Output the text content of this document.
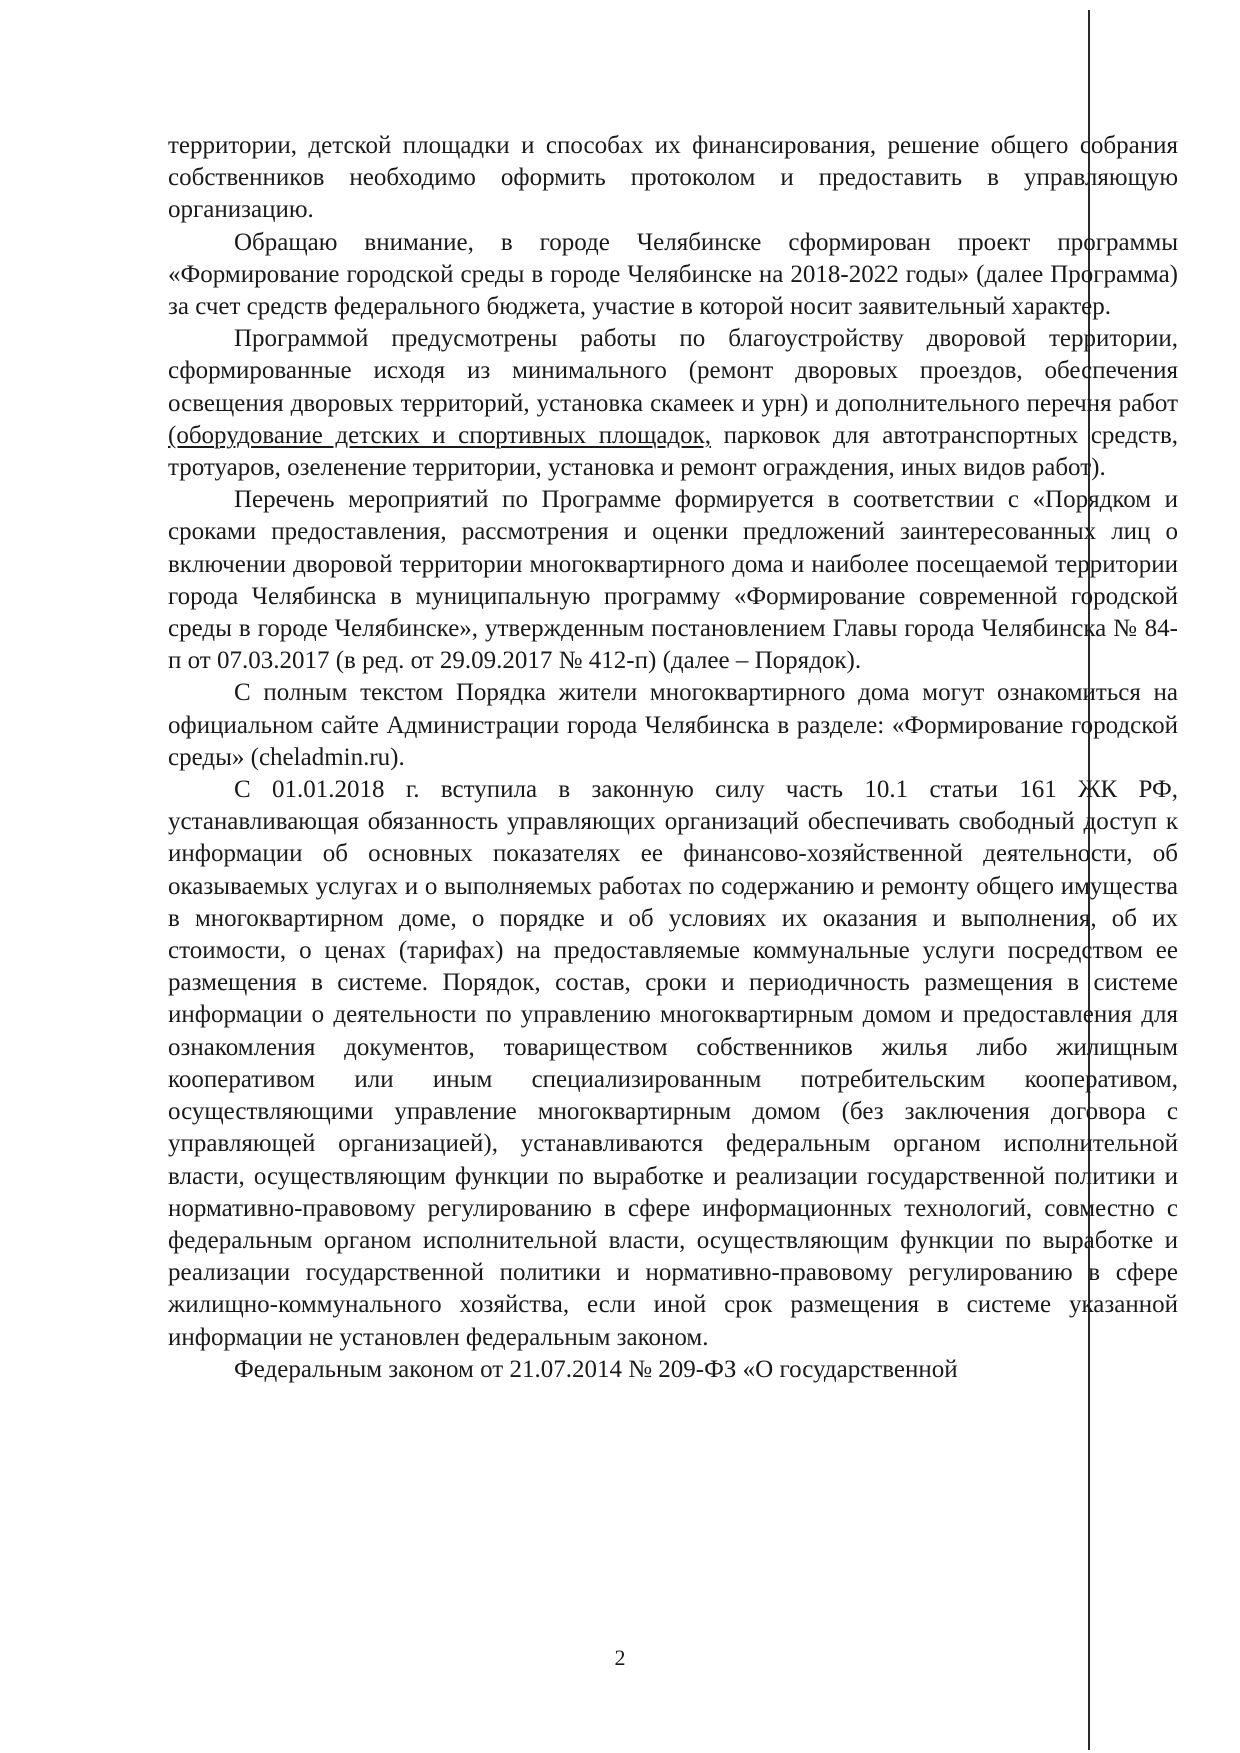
территории, детской площадки и способах их финансирования, решение общего собрания собственников необходимо оформить протоколом и предоставить в управляющую организацию.

Обращаю внимание, в городе Челябинске сформирован проект программы «Формирование городской среды в городе Челябинске на 2018-2022 годы» (далее Программа) за счет средств федерального бюджета, участие в которой носит заявительный характер.

Программой предусмотрены работы по благоустройству дворовой территории, сформированные исходя из минимального (ремонт дворовых проездов, обеспечения освещения дворовых территорий, установка скамеек и урн) и дополнительного перечня работ (оборудование детских и спортивных площадок, парковок для автотранспортных средств, тротуаров, озеленение территории, установка и ремонт ограждения, иных видов работ).

Перечень мероприятий по Программе формируется в соответствии с «Порядком и сроками предоставления, рассмотрения и оценки предложений заинтересованных лиц о включении дворовой территории многоквартирного дома и наиболее посещаемой территории города Челябинска в муниципальную программу «Формирование современной городской среды в городе Челябинске», утвержденным постановлением Главы города Челябинска № 84-п от 07.03.2017 (в ред. от 29.09.2017 № 412-п) (далее – Порядок).

С полным текстом Порядка жители многоквартирного дома могут ознакомиться на официальном сайте Администрации города Челябинска в разделе: «Формирование городской среды» (cheladmin.ru).

С 01.01.2018 г. вступила в законную силу часть 10.1 статьи 161 ЖК РФ, устанавливающая обязанность управляющих организаций обеспечивать свободный доступ к информации об основных показателях ее финансово-хозяйственной деятельности, об оказываемых услугах и о выполняемых работах по содержанию и ремонту общего имущества в многоквартирном доме, о порядке и об условиях их оказания и выполнения, об их стоимости, о ценах (тарифах) на предоставляемые коммунальные услуги посредством ее размещения в системе. Порядок, состав, сроки и периодичность размещения в системе информации о деятельности по управлению многоквартирным домом и предоставления для ознакомления документов, товариществом собственников жилья либо жилищным кооперативом или иным специализированным потребительским кооперативом, осуществляющими управление многоквартирным домом (без заключения договора с управляющей организацией), устанавливаются федеральным органом исполнительной власти, осуществляющим функции по выработке и реализации государственной политики и нормативно-правовому регулированию в сфере информационных технологий, совместно с федеральным органом исполнительной власти, осуществляющим функции по выработке и реализации государственной политики и нормативно-правовому регулированию в сфере жилищно-коммунального хозяйства, если иной срок размещения в системе указанной информации не установлен федеральным законом.

Федеральным законом от 21.07.2014 № 209-ФЗ «О государственной

2
